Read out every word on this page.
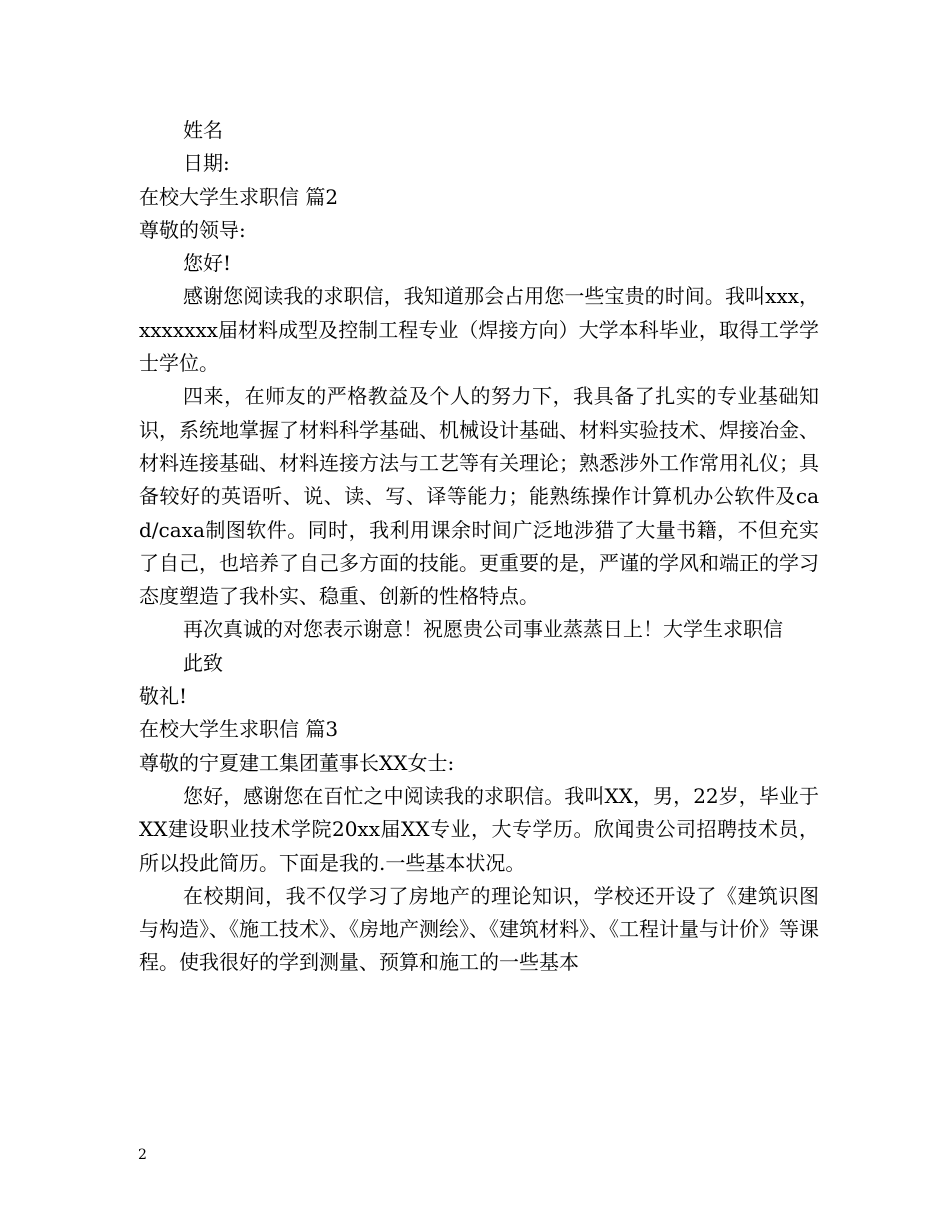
姓名

日期:

在校大学生求职信 篇2

尊敬的领导:

您好!

感谢您阅读我的求职信，我知道那会占用您一些宝贵的时间。我叫xxx，xxxxxxx届材料成型及控制工程专业（焊接方向）大学本科毕业，取得工学学士学位。

四来，在师友的严格教益及个人的努力下，我具备了扎实的专业基础知识，系统地掌握了材料科学基础、机械设计基础、材料实验技术、焊接冶金、材料连接基础、材料连接方法与工艺等有关理论；熟悉涉外工作常用礼仪；具备较好的英语听、说、读、写、译等能力；能熟练操作计算机办公软件及cad/caxa制图软件。同时，我利用课余时间广泛地涉猎了大量书籍，不但充实了自己，也培养了自己多方面的技能。更重要的是，严谨的学风和端正的学习态度塑造了我朴实、稳重、创新的性格特点。

再次真诚的对您表示谢意！祝愿贵公司事业蒸蒸日上！大学生求职信

此致

敬礼!

在校大学生求职信 篇3

尊敬的宁夏建工集团董事长XX女士:

您好，感谢您在百忙之中阅读我的求职信。我叫XX，男，22岁，毕业于XX建设职业技术学院20xx届XX专业，大专学历。欣闻贵公司招聘技术员，所以投此简历。下面是我的.一些基本状况。

在校期间，我不仅学习了房地产的理论知识，学校还开设了《建筑识图与构造》、《施工技术》、《房地产测绘》、《建筑材料》、《工程计量与计价》等课程。使我很好的学到测量、预算和施工的一些基本

2
